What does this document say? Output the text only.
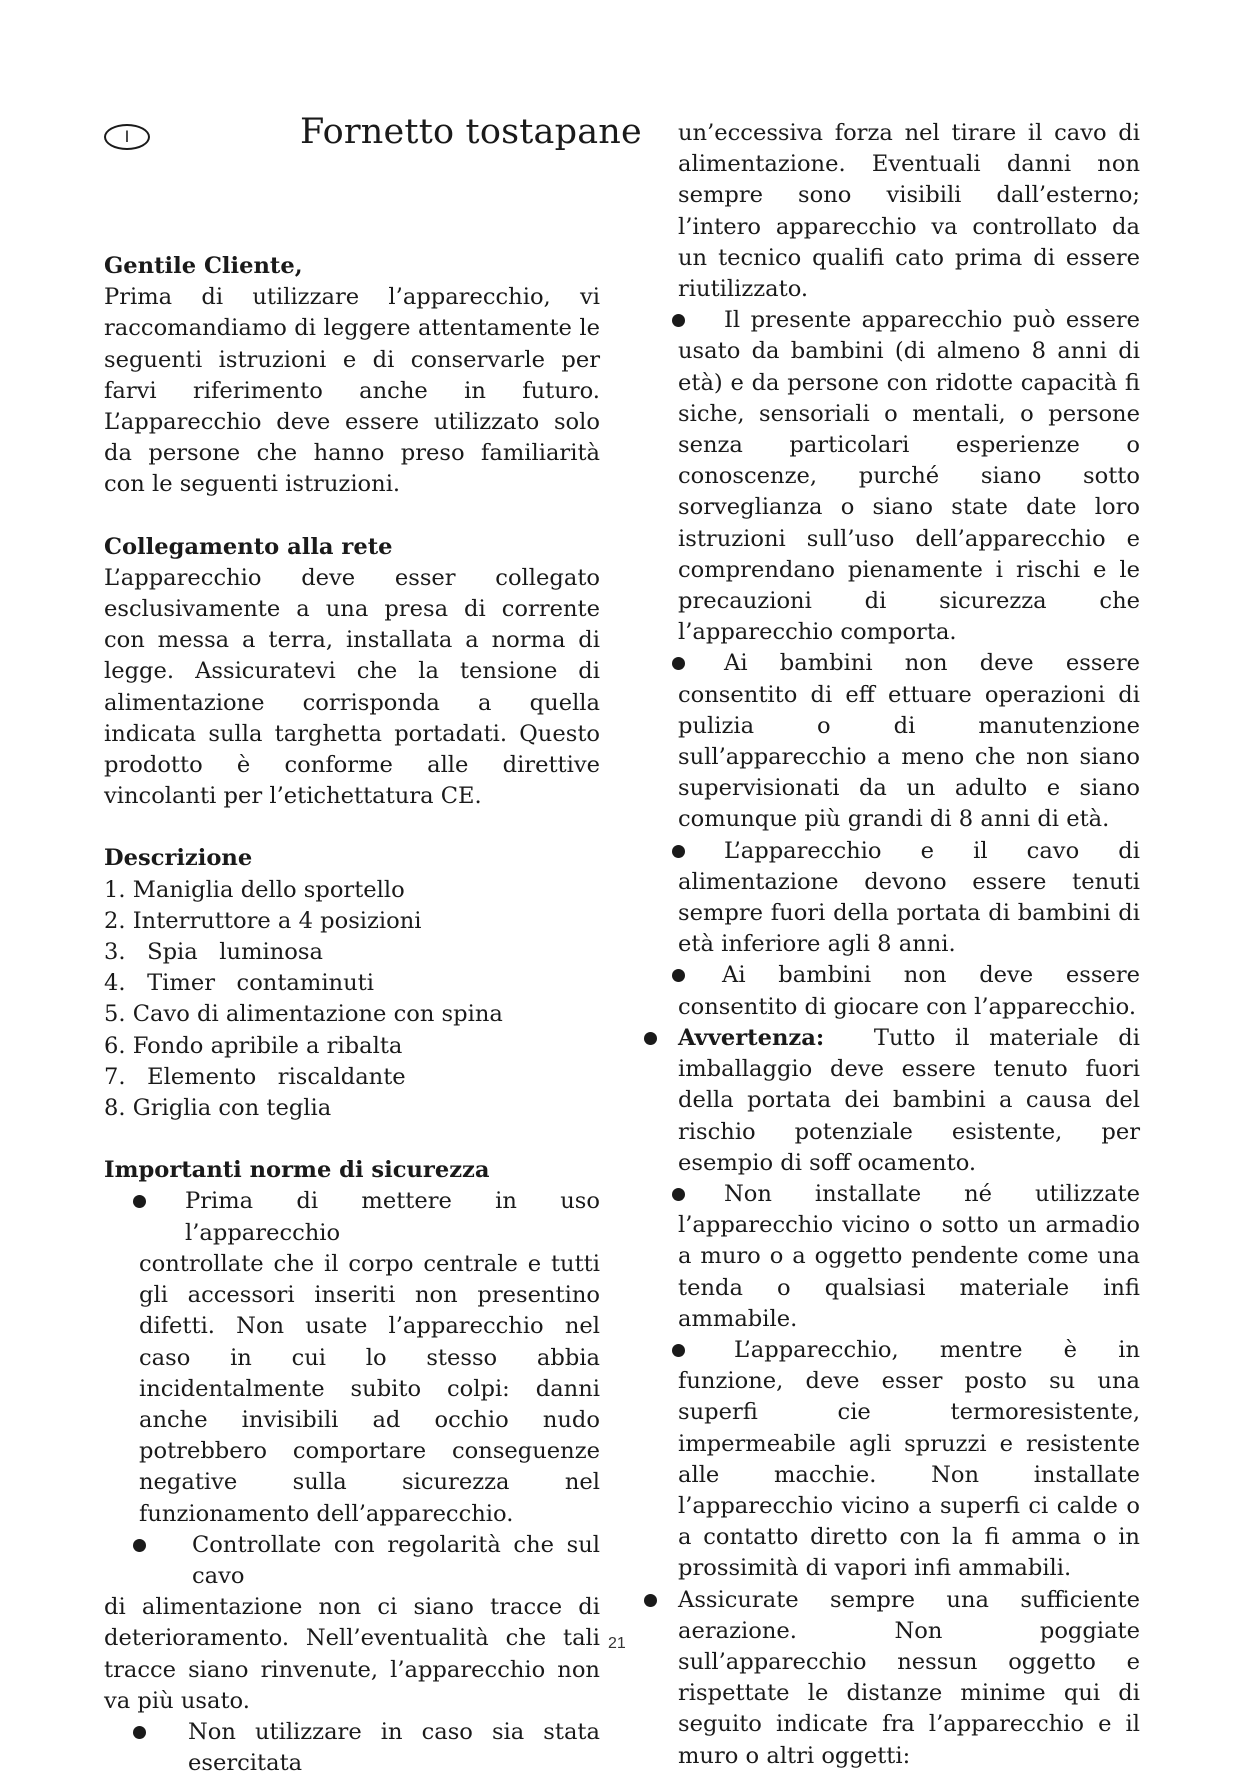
I	Fornetto tostapane

Gentile Cliente,

Prima di utilizzare l’apparecchio, vi raccomandiamo di leggere attentamente le seguenti istruzioni e di conservarle per farvi riferimento anche in futuro. L’apparecchio deve essere utilizzato solo da persone che hanno preso familiarità con le seguenti istruzioni.

Collegamento alla rete

L’apparecchio deve esser collegato esclusivamente a una presa di corrente con messa a terra, installata a norma di legge. Assicuratevi che la tensione di alimentazione corrisponda a quella indicata sulla targhetta portadati. Questo prodotto è conforme alle direttive vincolanti per l’etichettatura CE.

Descrizione

1. Maniglia dello sportello
2. Interruttore a 4 posizioni
3.   Spia   luminosa
4.   Timer   contaminuti
5. Cavo di alimentazione con spina
6. Fondo apribile a ribalta
7.   Elemento   riscaldante
8. Griglia con teglia

Importanti norme di sicurezza

Prima di mettere in uso l’apparecchio controllate che il corpo centrale e tutti gli accessori inseriti non presentino difetti. Non usate l’apparecchio nel caso in cui lo stesso abbia incidentalmente subito colpi: danni anche invisibili ad occhio nudo potrebbero comportare conseguenze negative sulla sicurezza nel funzionamento dell’apparecchio.
Controllate con regolarità che sul cavo di alimentazione non ci siano tracce di deterioramento. Nell’eventualità che tali tracce siano rinvenute, l’apparecchio non va più usato.
Non utilizzare in caso sia stata esercitata

un’eccessiva forza nel tirare il cavo di alimentazione. Eventuali danni non sempre sono visibili dall’esterno; l’intero apparecchio va controllato da un tecnico qualifi cato prima di essere riutilizzato.

Il presente apparecchio può essere usato da bambini (di almeno 8 anni di età) e da persone con ridotte capacità fi siche, sensoriali o mentali, o persone senza particolari esperienze o conoscenze, purché siano sotto sorveglianza o siano state date loro istruzioni sull’uso dell’apparecchio e comprendano pienamente i rischi e le precauzioni di sicurezza che l’apparecchio comporta.
Ai bambini non deve essere consentito di eff ettuare operazioni di pulizia o di manutenzione sull’apparecchio a meno che non siano supervisionati da un adulto e siano comunque più grandi di 8 anni di età.
L’apparecchio e il cavo di alimentazione devono essere tenuti sempre fuori della portata di bambini di età inferiore agli 8 anni.
Ai bambini non deve essere consentito di giocare con l’apparecchio.
Avvertenza: Tutto il materiale di imballaggio deve essere tenuto fuori della portata dei bambini a causa del rischio potenziale esistente, per esempio di soff ocamento.
Non installate né utilizzate l’apparecchio vicino o sotto un armadio a muro o a oggetto pendente come una tenda o qualsiasi materiale infi ammabile.
L’apparecchio, mentre è in funzione, deve esser posto su una superfi cie termoresistente, impermeabile agli spruzzi e resistente alle macchie. Non installate l’apparecchio vicino a superfi ci calde o a contatto diretto con la fi amma o in prossimità di vapori infi ammabili.
Assicurate sempre una sufficiente aerazione. Non poggiate sull’apparecchio nessun oggetto e rispettate le distanze minime qui di seguito indicate fra l’apparecchio e il muro o altri oggetti:
21
